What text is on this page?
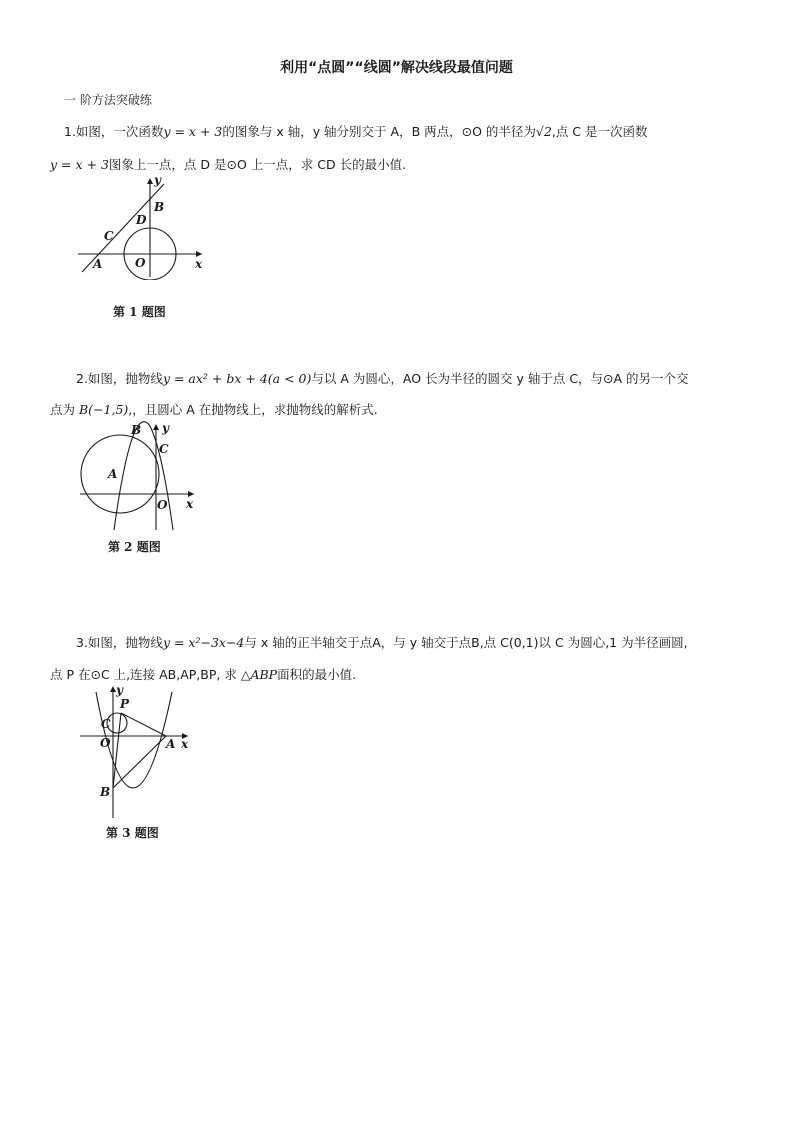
利用“点圆”“线圆”解决线段最值问题
一 阶方法突破练
1.如图，一次函数y = x + 3的图象与 x 轴，y 轴分别交于 A，B 两点，⊙O 的半径为√2,点 C 是一次函数
y = x + 3图象上一点，点 D 是⊙O 上一点，求 CD 长的最小值.
y
x
B
D
C
A	O
第 1 题图
2.如图，抛物线y = ax² + bx + 4(a < 0)与以 A 为圆心，AO 长为半径的圆交 y 轴于点 C，与⊙A 的另一个交
点为 B(−1,5),，且圆心 A 在抛物线上，求抛物线的解析式.
y
x
B
C
A
O
第 2 题图
3.如图，抛物线y = x²−3x−4与 x 轴的正半轴交于点A，与 y 轴交于点B,点 C(0,1)以 C 为圆心,1 为半径画圆,
点 P 在⊙C 上,连接 AB,AP,BP, 求 △ABP面积的最小值.
y
x
P
C
O	A
B
第 3 题图
